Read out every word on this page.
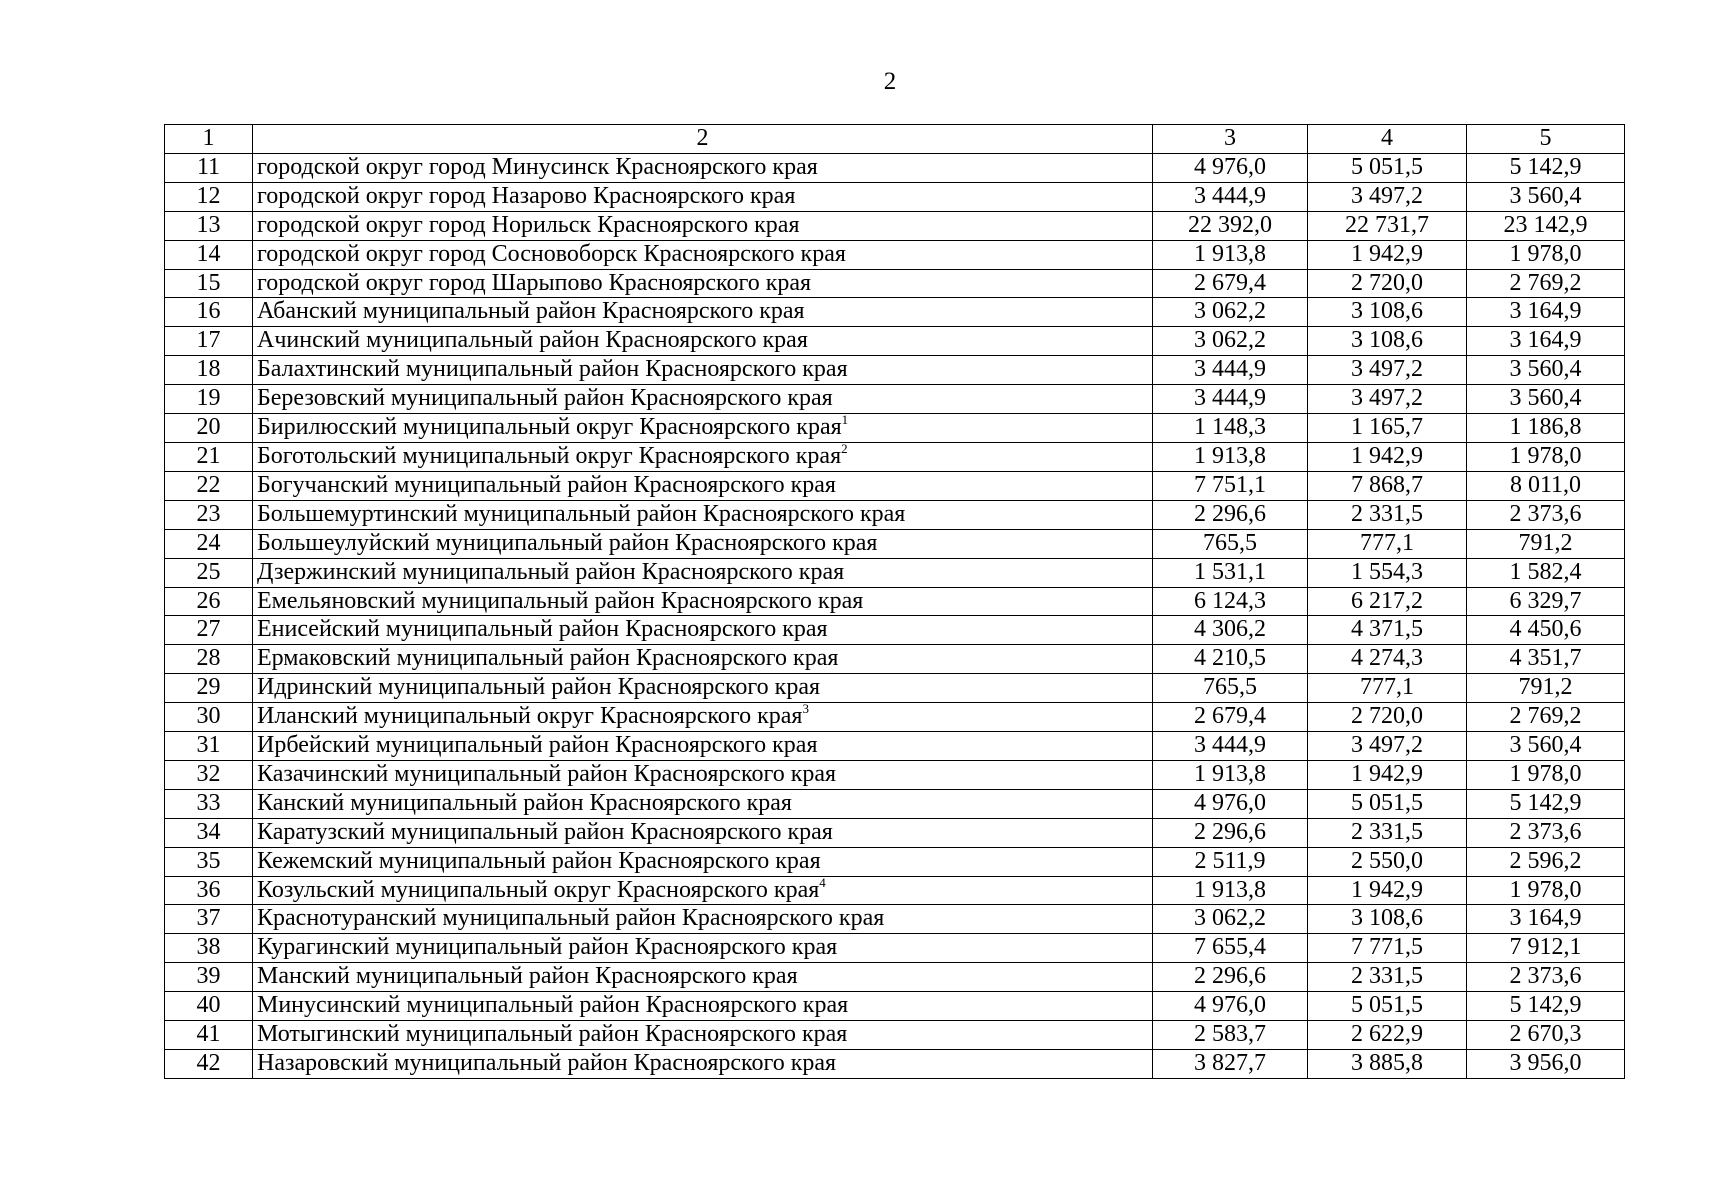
2
1	2	3	4	5
11	городской округ город Минусинск Красноярского края	4 976,0	5 051,5	5 142,9
12	городской округ город Назарово Красноярского края	3 444,9	3 497,2	3 560,4
13	городской округ город Норильск Красноярского края	22 392,0	22 731,7	23 142,9
14	городской округ город Сосновоборск Красноярского края	1 913,8	1 942,9	1 978,0
15	городской округ город Шарыпово Красноярского края	2 679,4	2 720,0	2 769,2
16	Абанский муниципальный район Красноярского края	3 062,2	3 108,6	3 164,9
17	Ачинский муниципальный район Красноярского края	3 062,2	3 108,6	3 164,9
18	Балахтинский муниципальный район Красноярского края	3 444,9	3 497,2	3 560,4
19	Березовский муниципальный район Красноярского края	3 444,9	3 497,2	3 560,4
20	Бирилюсский муниципальный округ Красноярского края$^1$	1 148,3	1 165,7	1 186,8
21	Боготольский муниципальный округ Красноярского края$^2$	1 913,8	1 942,9	1 978,0
22	Богучанский муниципальный район Красноярского края	7 751,1	7 868,7	8 011,0
23	Большемуртинский муниципальный район Красноярского края	2 296,6	2 331,5	2 373,6
24	Большеулуйский муниципальный район Красноярского края	765,5	777,1	791,2
25	Дзержинский муниципальный район Красноярского края	1 531,1	1 554,3	1 582,4
26	Емельяновский муниципальный район Красноярского края	6 124,3	6 217,2	6 329,7
27	Енисейский муниципальный район Красноярского края	4 306,2	4 371,5	4 450,6
28	Ермаковский муниципальный район Красноярского края	4 210,5	4 274,3	4 351,7
29	Идринский муниципальный район Красноярского края	765,5	777,1	791,2
30	Иланский муниципальный округ Красноярского края$^3$	2 679,4	2 720,0	2 769,2
31	Ирбейский муниципальный район Красноярского края	3 444,9	3 497,2	3 560,4
32	Казачинский муниципальный район Красноярского края	1 913,8	1 942,9	1 978,0
33	Канский муниципальный район Красноярского края	4 976,0	5 051,5	5 142,9
34	Каратузский муниципальный район Красноярского края	2 296,6	2 331,5	2 373,6
35	Кежемский муниципальный район Красноярского края	2 511,9	2 550,0	2 596,2
36	Козульский муниципальный округ Красноярского края$^4$	1 913,8	1 942,9	1 978,0
37	Краснотуранский муниципальный район Красноярского края	3 062,2	3 108,6	3 164,9
38	Курагинский муниципальный район Красноярского края	7 655,4	7 771,5	7 912,1
39	Манский муниципальный район Красноярского края	2 296,6	2 331,5	2 373,6
40	Минусинский муниципальный район Красноярского края	4 976,0	5 051,5	5 142,9
41	Мотыгинский муниципальный район Красноярского края	2 583,7	2 622,9	2 670,3
42	Назаровский муниципальный район Красноярского края	3 827,7	3 885,8	3 956,0
